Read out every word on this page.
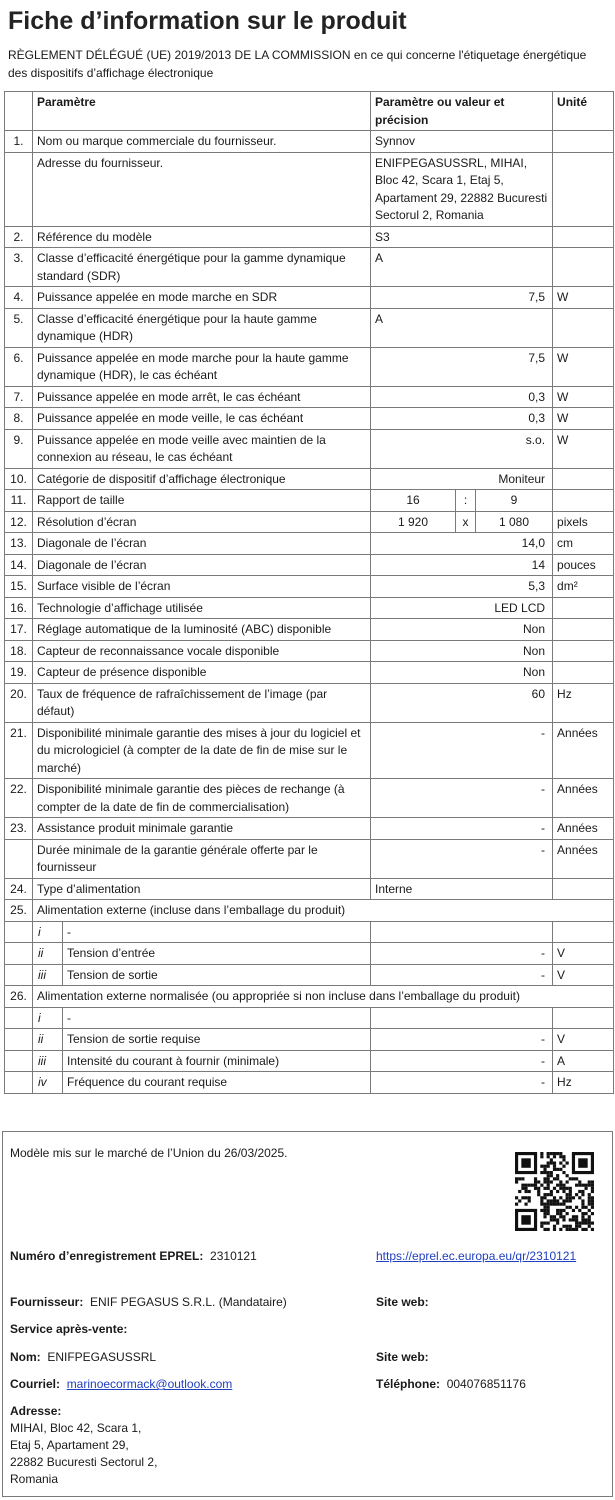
Fiche d’information sur le produit
RÈGLEMENT DÉLÉGUÉ (UE) 2019/2013 DE LA COMMISSION en ce qui concerne l'étiquetage énergétique des dispositifs d’affichage électronique
	Paramètre		Paramètre ou valeur et précision			Unité
1.	Nom ou marque commerciale du fournisseur.		Synnov			
	Adresse du fournisseur.		ENIFPEGASUSSRL, MIHAI, Bloc 42, Scara 1, Etaj 5, Apartament 29, 22882 Bucuresti Sectorul 2, Romania			
2.	Référence du modèle		S3			
3.	Classe d’efficacité énergétique pour la gamme dynamique standard (SDR)		A			
4.	Puissance appelée en mode marche en SDR		7,5			W
5.	Classe d’efficacité énergétique pour la haute gamme dynamique (HDR)		A			
6.	Puissance appelée en mode marche pour la haute gamme dynamique (HDR), le cas échéant		7,5			W
7.	Puissance appelée en mode arrêt, le cas échéant		0,3			W
8.	Puissance appelée en mode veille, le cas échéant		0,3			W
9.	Puissance appelée en mode veille avec maintien de la connexion au réseau, le cas échéant		s.o.			W
10.	Catégorie de dispositif d’affichage électronique		Moniteur			
11.	Rapport de taille		16	:	9	
12.	Résolution d’écran		1 920	x	1 080	pixels
13.	Diagonale de l’écran		14,0			cm
14.	Diagonale de l’écran		14			pouces
15.	Surface visible de l’écran		5,3			dm²
16.	Technologie d’affichage utilisée		LED LCD			
17.	Réglage automatique de la luminosité (ABC) disponible		Non			
18.	Capteur de reconnaissance vocale disponible		Non			
19.	Capteur de présence disponible		Non			
20.	Taux de fréquence de rafraîchissement de l’image (par défaut)		60			Hz
21.	Disponibilité minimale garantie des mises à jour du logiciel et du micrologiciel (à compter de la date de fin de mise sur le marché)		-			Années
22.	Disponibilité minimale garantie des pièces de rechange (à compter de la date de fin de commercialisation)		-			Années
23.	Assistance produit minimale garantie		-			Années
	Durée minimale de la garantie générale offerte par le fournisseur		-			Années
24.	Type d’alimentation		Interne			
25.	Alimentation externe (incluse dans l’emballage du produit)					
	i	-				
	ii	Tension d’entrée	-			V
	iii	Tension de sortie	-			V
26.	Alimentation externe normalisée (ou appropriée si non incluse dans l’emballage du produit)					
	i	-				
	ii	Tension de sortie requise	-			V
	iii	Intensité du courant à fournir (minimale)	-			A
	iv	Fréquence du courant requise	-			Hz
Modèle mis sur le marché de l’Union du 26/03/2025.
Numéro d’enregistrement EPREL: 2310121	https://eprel.ec.europa.eu/qr/2310121
Fournisseur: ENIF PEGASUS S.R.L. (Mandataire)	Site web:
Service après-vente:
Nom: ENIFPEGASUSSRL	Site web:
Courriel: marinoecormack@outlook.com	Téléphone: 004076851176
Adresse:
MIHAI, Bloc 42, Scara 1,
Etaj 5, Apartament 29,
22882 Bucuresti Sectorul 2,
Romania
